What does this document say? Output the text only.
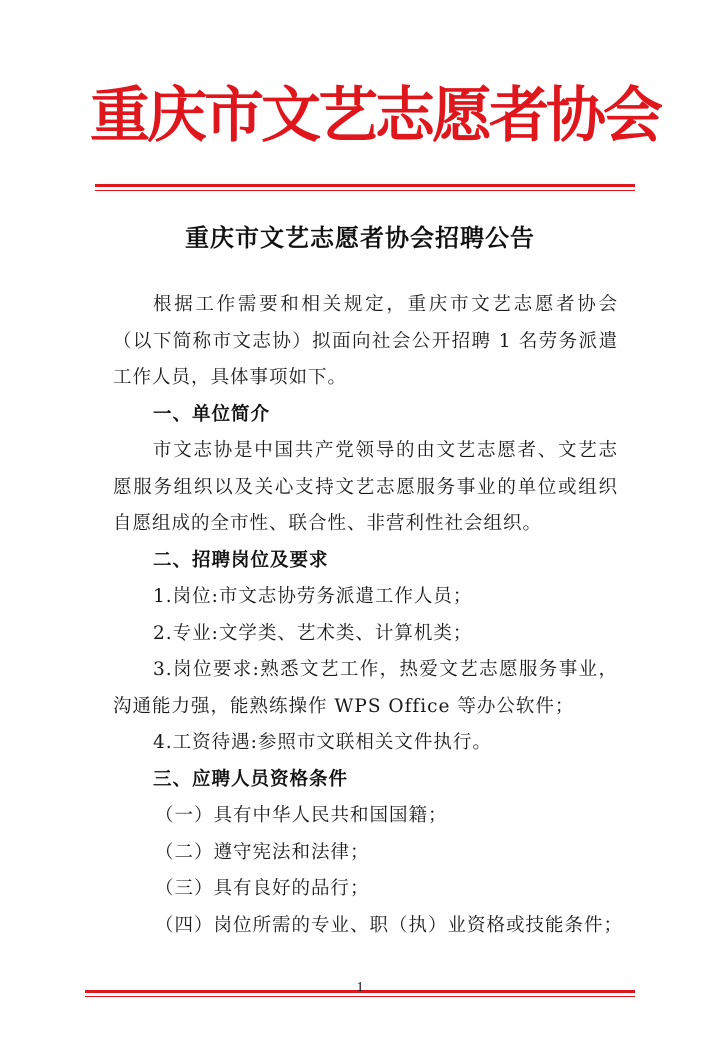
重庆市文艺志愿者协会
重庆市文艺志愿者协会招聘公告

根据工作需要和相关规定，重庆市文艺志愿者协会（以下简称市文志协）拟面向社会公开招聘 1 名劳务派遣工作人员，具体事项如下。

一、单位简介

市文志协是中国共产党领导的由文艺志愿者、文艺志愿服务组织以及关心支持文艺志愿服务事业的单位或组织自愿组成的全市性、联合性、非营利性社会组织。

二、招聘岗位及要求

1.岗位:市文志协劳务派遣工作人员；

2.专业:文学类、艺术类、计算机类；

3.岗位要求:熟悉文艺工作，热爱文艺志愿服务事业，沟通能力强，能熟练操作 WPS Office 等办公软件；

4.工资待遇:参照市文联相关文件执行。

三、应聘人员资格条件

（一）具有中华人民共和国国籍；

（二）遵守宪法和法律；

（三）具有良好的品行；

（四）岗位所需的专业、职（执）业资格或技能条件；

1
